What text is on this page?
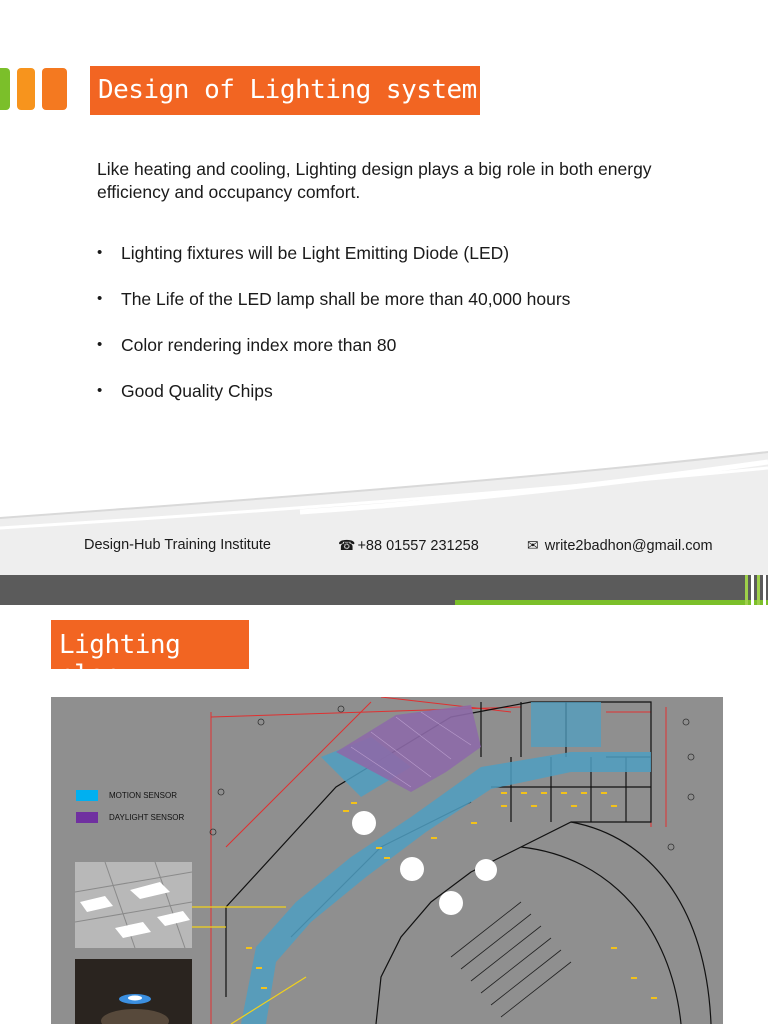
Design of Lighting system
Like heating and cooling, Lighting design plays a big role in both energy efficiency and occupancy comfort.
• Lighting fixtures will be Light Emitting Diode (LED)
• The Life of the LED lamp shall be more than 40,000 hours
• Color rendering index more than 80
• Good Quality Chips
Design-Hub Training Institute	☎ +88 01557 231258	✉ write2badhon@gmail.com
Lighting plan
MOTION SENSOR
DAYLIGHT SENSOR
